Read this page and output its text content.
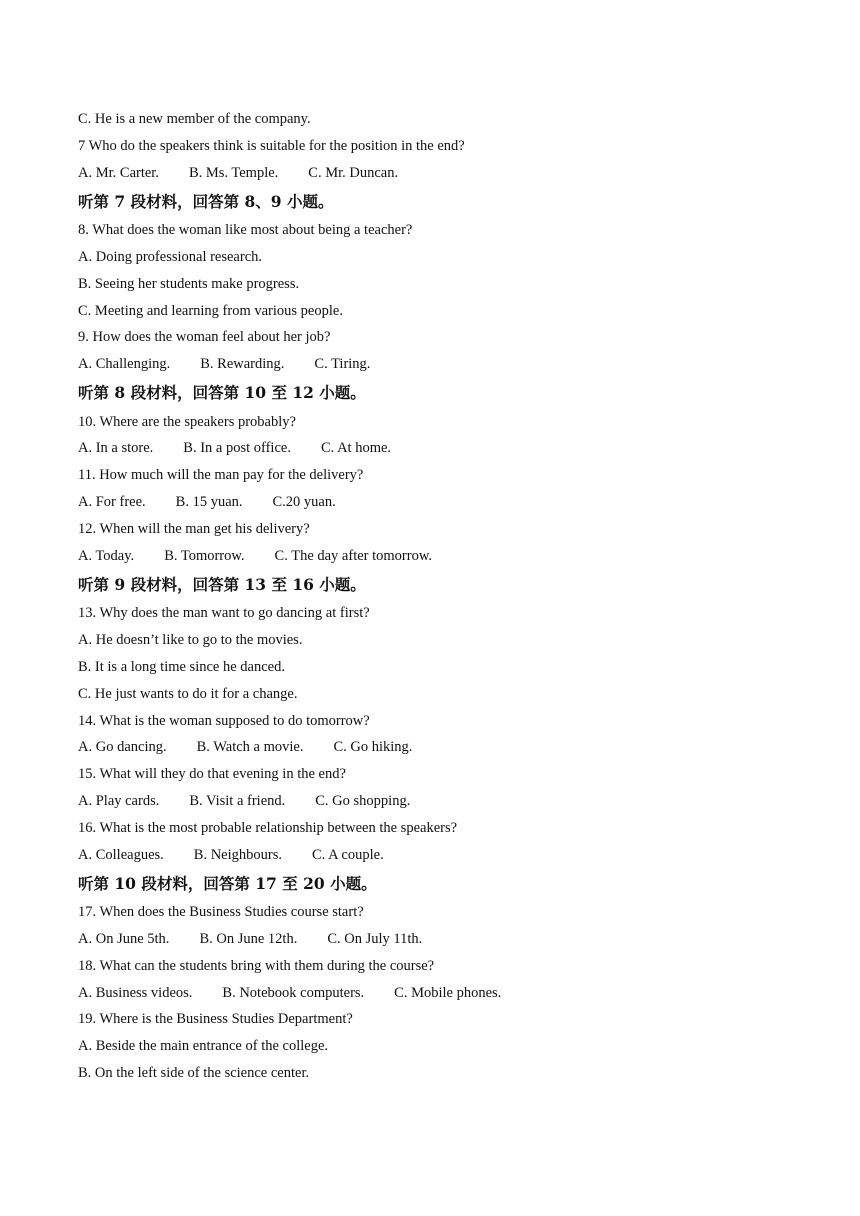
C. He is a new member of the company.
7 Who do the speakers think is suitable for the position in the end?
A. Mr. Carter. B. Ms. Temple. C. Mr. Duncan.
听第 7 段材料，回答第 8、9 小题。
8. What does the woman like most about being a teacher?
A. Doing professional research.
B. Seeing her students make progress.
C. Meeting and learning from various people.
9. How does the woman feel about her job?
A. Challenging. B. Rewarding. C. Tiring.
听第 8 段材料，回答第 10 至 12 小题。
10. Where are the speakers probably?
A. In a store. B. In a post office. C. At home.
11. How much will the man pay for the delivery?
A. For free. B. 15 yuan. C.20 yuan.
12. When will the man get his delivery?
A. Today. B. Tomorrow. C. The day after tomorrow.
听第 9 段材料，回答第 13 至 16 小题。
13. Why does the man want to go dancing at first?
A. He doesn’t like to go to the movies.
B. It is a long time since he danced.
C. He just wants to do it for a change.
14. What is the woman supposed to do tomorrow?
A. Go dancing. B. Watch a movie. C. Go hiking.
15. What will they do that evening in the end?
A. Play cards. B. Visit a friend. C. Go shopping.
16. What is the most probable relationship between the speakers?
A. Colleagues. B. Neighbours. C. A couple.
听第 10 段材料，回答第 17 至 20 小题。
17. When does the Business Studies course start?
A. On June 5th. B. On June 12th. C. On July 11th.
18. What can the students bring with them during the course?
A. Business videos. B. Notebook computers. C. Mobile phones.
19. Where is the Business Studies Department?
A. Beside the main entrance of the college.
B. On the left side of the science center.
